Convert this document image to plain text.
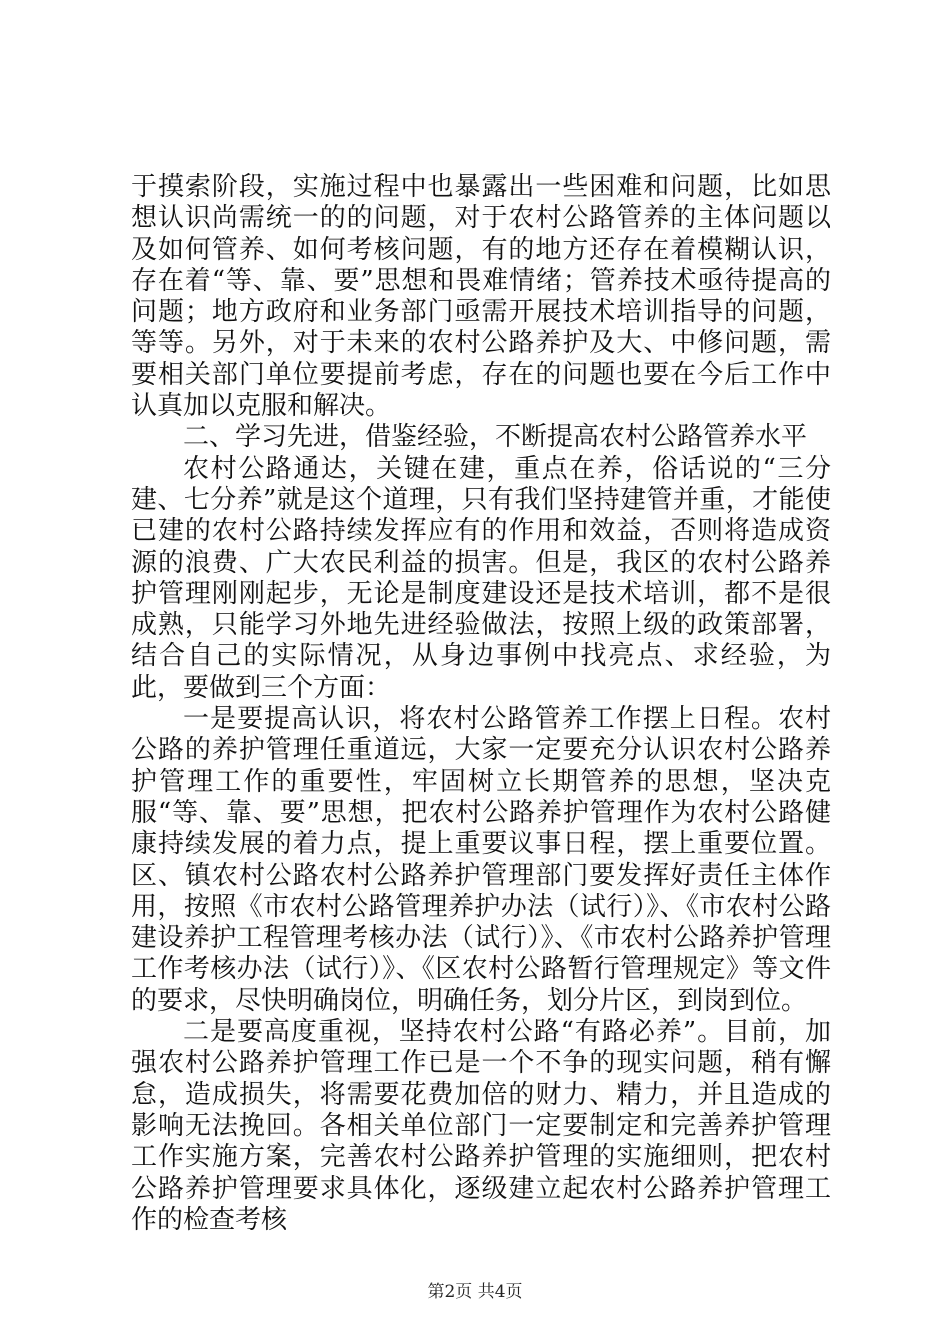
于摸索阶段，实施过程中也暴露出一些困难和问题，比如思想认识尚需统一的的问题，对于农村公路管养的主体问题以及如何管养、如何考核问题，有的地方还存在着模糊认识，存在着“等、靠、要”思想和畏难情绪；管养技术亟待提高的问题；地方政府和业务部门亟需开展技术培训指导的问题，等等。另外，对于未来的农村公路养护及大、中修问题，需要相关部门单位要提前考虑，存在的问题也要在今后工作中认真加以克服和解决。

二、学习先进，借鉴经验，不断提高农村公路管养水平

农村公路通达，关键在建，重点在养，俗话说的“三分建、七分养”就是这个道理，只有我们坚持建管并重，才能使已建的农村公路持续发挥应有的作用和效益，否则将造成资源的浪费、广大农民利益的损害。但是，我区的农村公路养护管理刚刚起步，无论是制度建设还是技术培训，都不是很成熟，只能学习外地先进经验做法，按照上级的政策部署，结合自己的实际情况，从身边事例中找亮点、求经验，为此，要做到三个方面：

一是要提高认识，将农村公路管养工作摆上日程。农村公路的养护管理任重道远，大家一定要充分认识农村公路养护管理工作的重要性，牢固树立长期管养的思想，坚决克服“等、靠、要”思想，把农村公路养护管理作为农村公路健康持续发展的着力点，提上重要议事日程，摆上重要位置。区、镇农村公路农村公路养护管理部门要发挥好责任主体作用，按照《市农村公路管理养护办法（试行）》、《市农村公路建设养护工程管理考核办法（试行）》、《市农村公路养护管理工作考核办法（试行）》、《区农村公路暂行管理规定》等文件的要求，尽快明确岗位，明确任务，划分片区，到岗到位。

二是要高度重视，坚持农村公路“有路必养”。目前，加强农村公路养护管理工作已是一个不争的现实问题，稍有懈怠，造成损失，将需要花费加倍的财力、精力，并且造成的影响无法挽回。各相关单位部门一定要制定和完善养护管理工作实施方案，完善农村公路养护管理的实施细则，把农村公路养护管理要求具体化，逐级建立起农村公路养护管理工作的检查考核

第2页 共4页
